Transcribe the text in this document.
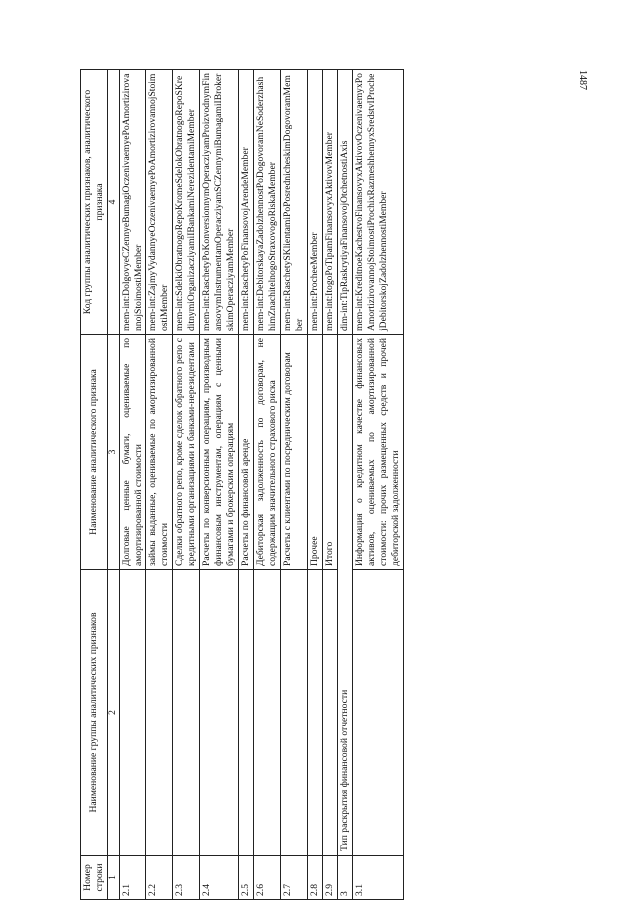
1487
Номер строки	Наименование группы аналитических признаков	Наименование аналитического признака	Код группы аналитических признаков, аналитического признака
1	2	3	4
2.1		Долговые ценные бумаги, оцениваемые по амортизированной стоимости	mem-int:DolgovyeCZennyeBumagiOczenivaemyePoAmortizirovannojStoimostiMember
2.2		займы выданные, оцениваемые по амортизированной стоимости	mem-int:ZajmyVydannyeOczenivaemyePoAmortizirovannojStoimostiMember
2.3		Сделки обратного репо, кроме сделок обратного репо с кредитными организациями и банками-нерезидентами	mem-int:SdelkiObratnogoRepoKromeSdelokObratnogoRepoSKreditnymiOrganizacziyamiIBankamiNerezidentamiMember
2.4		Расчеты по конверсионным операциям, производным финансовым инструментам, операциям с ценными бумагами и брокерским операциям	mem-int:RaschetyPoKonversionnymOperacziyamProizvodnymFinansovymInstrumentamOperacziyamSCZennymiBumagamiIBrokerskimOperacziyamMember
2.5		Расчеты по финансовой аренде	mem-int:RaschetyPoFinansovojArendeMember
2.6		Дебиторская задолженность по договорам, не содержащим значительного страхового риска	mem-int:DebitorskayaZadolzhennostPoDogovoramNeSoderzhashhimZnachitelnogoStraxovogoRiskaMember
2.7		Расчеты с клиентами по посредническим договорам	mem-int:RaschetySKlientamiPoPosrednicheskimDogovoramMember
2.8		Прочее	mem-int:ProcheeMember
2.9		Итого	mem-int:ItogoPoTipamFinansovyxAktivovMember
3	Тип раскрытия финансовой отчетности		dim-int:TipRaskrytiyaFinansovojOtchetnostiAxis
3.1		Информация о кредитном качестве финансовых активов, оцениваемых по амортизированной стоимости: прочих размещенных средств и прочей дебиторской задолженности	mem-int:KreditnoeKachestvoFinansovyxAktivovOczenivaemyxPoAmortizirovannojStoimostiProchixRazmeshhennyxSredstvIProchejDebitorskojZadolzhennostiMember
